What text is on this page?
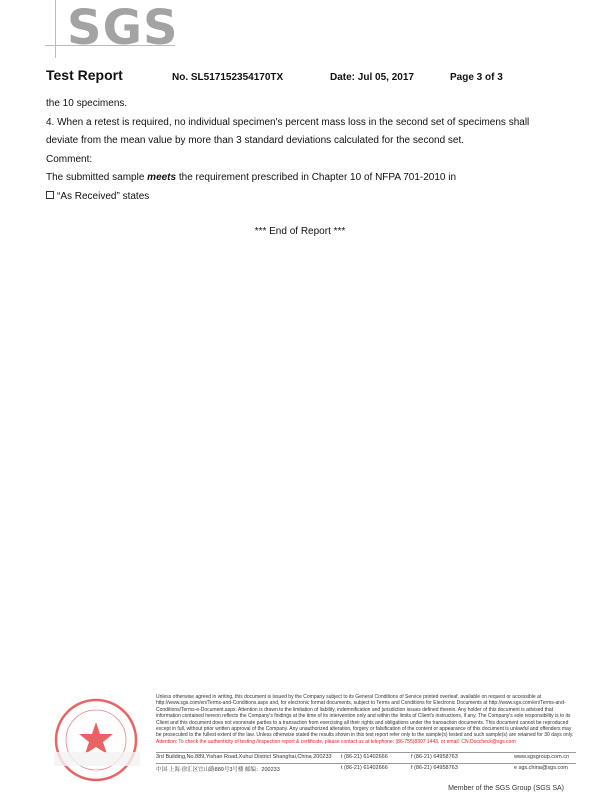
SGS
Test Report	No. SL517152354170TX	Date: Jul 05, 2017	Page 3 of 3

the 10 specimens.

4. When a retest is required, no individual specimen's percent mass loss in the second set of specimens shall

deviate from the mean value by more than 3 standard deviations calculated for the second set.

Comment:

The submitted sample meets the requirement prescribed in Chapter 10 of NFPA 701-2010 in

“As Received” states

*** End of Report ***
Unless otherwise agreed in writing, this document is issued by the Company subject to its General Conditions of Service printed overleaf, available on request or accessible at http://www.sgs.com/en/Terms-and-Conditions.aspx and, for electronic format documents, subject to Terms and Conditions for Electronic Documents at http://www.sgs.com/en/Terms-and-Conditions/Terms-e-Document.aspx. Attention is drawn to the limitation of liability, indemnification and jurisdiction issues defined therein. Any holder of this document is advised that information contained hereon reflects the Company's findings at the time of its intervention only and within the limits of Client's instructions, if any. The Company's sole responsibility is to its Client and this document does not exonerate parties to a transaction from exercising all their rights and obligations under the transaction documents. This document cannot be reproduced except in full, without prior written approval of the Company. Any unauthorized alteration, forgery or falsification of the content or appearance of this document is unlawful and offenders may be prosecuted to the fullest extent of the law. Unless otherwise stated the results shown in this test report refer only to the sample(s) tested and such sample(s) are retained for 30 days only. Attention: To check the authenticity of testing /inspection report & certificate, please contact us at telephone: (86-755)8307 1443, or email: CN.Doccheck@sgs.com
3rd Building,No.889,Yishan Road,Xuhui District Shanghai,China 200233 t (86-21) 61402666	f (86-21) 64958763	www.sgsgroup.com.cn
中国·上海·徐汇区宜山路889号3号楼 邮编：200233	t (86-21) 61402666	f (86-21) 64958763	e sgs.china@sgs.com
Member of the SGS Group (SGS SA)
